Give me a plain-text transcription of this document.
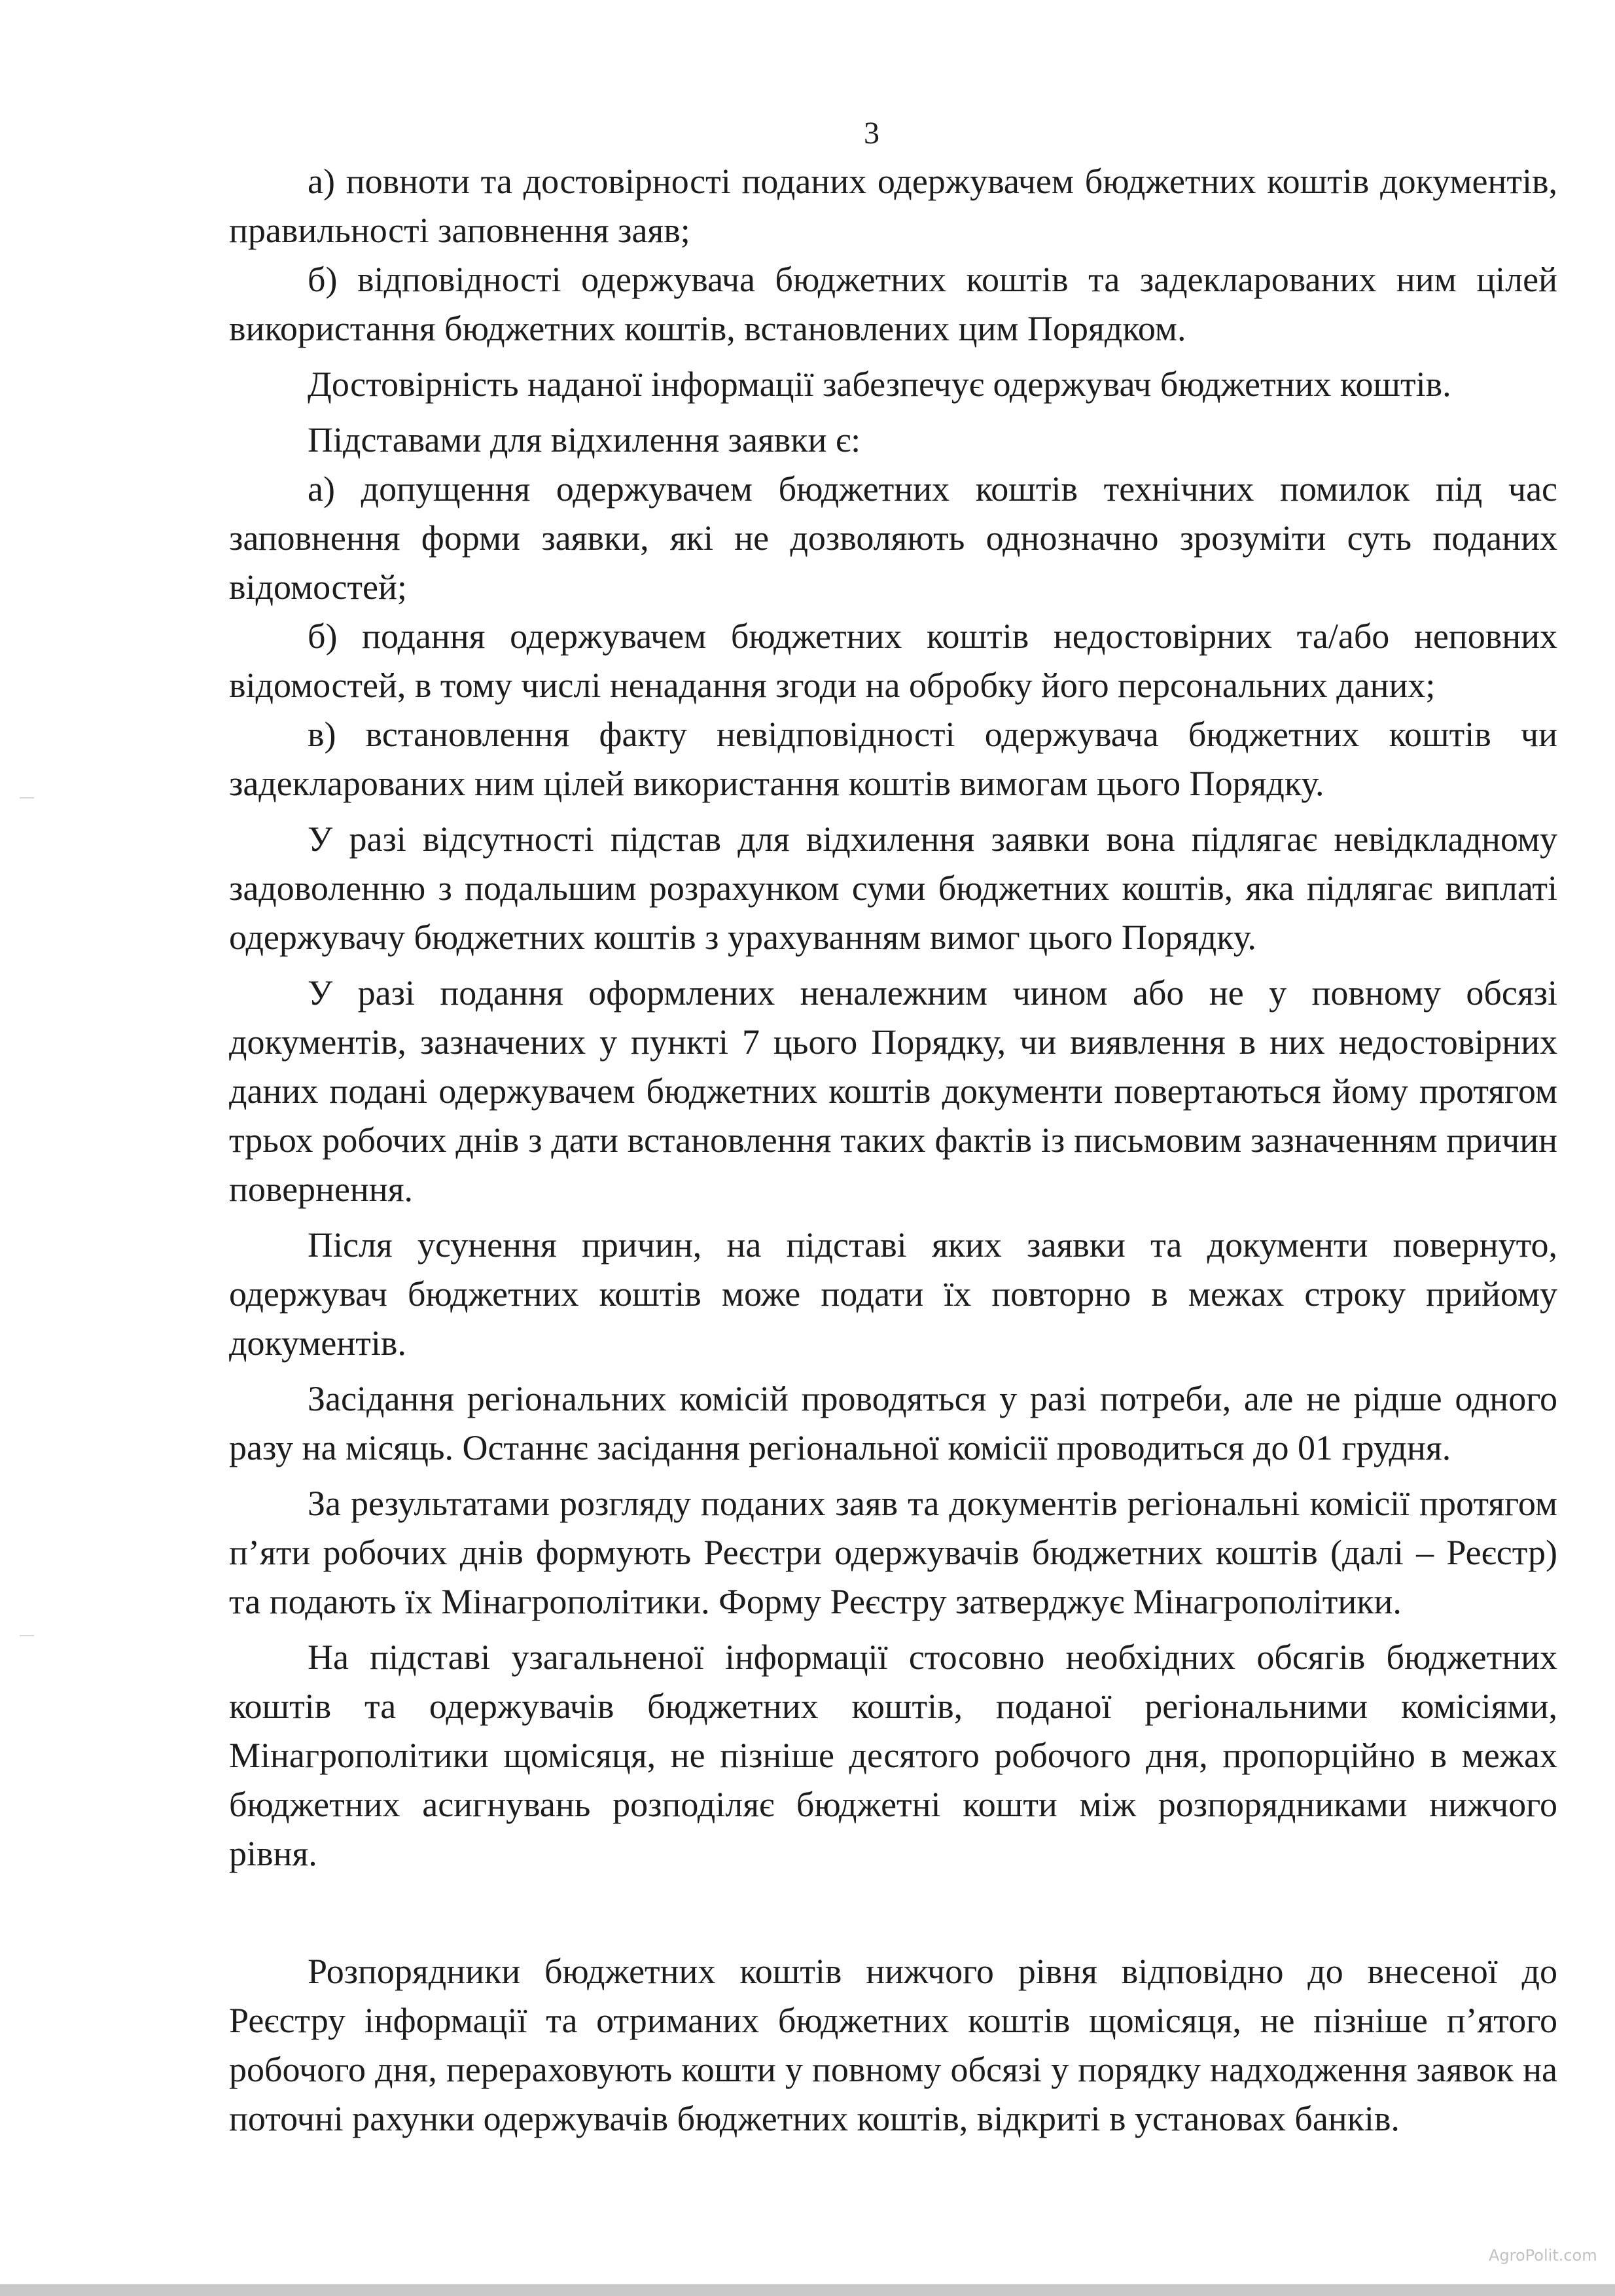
3

а) повноти та достовірності поданих одержувачем бюджетних коштів документів, правильності заповнення заяв;

б) відповідності одержувача бюджетних коштів та задекларованих ним цілей використання бюджетних коштів, встановлених цим Порядком.

Достовірність наданої інформації забезпечує одержувач бюджетних коштів.

Підставами для відхилення заявки є:

а) допущення одержувачем бюджетних коштів технічних помилок під час заповнення форми заявки, які не дозволяють однозначно зрозуміти суть поданих відомостей;

б) подання одержувачем бюджетних коштів недостовірних та/або неповних відомостей, в тому числі ненадання згоди на обробку його персональних даних;

в) встановлення факту невідповідності одержувача бюджетних коштів чи задекларованих ним цілей використання коштів вимогам цього Порядку.

У разі відсутності підстав для відхилення заявки вона підлягає невідкладному задоволенню з подальшим розрахунком суми бюджетних коштів, яка підлягає виплаті одержувачу бюджетних коштів з урахуванням вимог цього Порядку.

У разі подання оформлених неналежним чином або не у повному обсязі документів, зазначених у пункті 7 цього Порядку, чи виявлення в них недостовірних даних подані одержувачем бюджетних коштів документи повертаються йому протягом трьох робочих днів з дати встановлення таких фактів із письмовим зазначенням причин повернення.

Після усунення причин, на підставі яких заявки та документи повернуто, одержувач бюджетних коштів може подати їх повторно в межах строку прийому документів.

Засідання регіональних комісій проводяться у разі потреби, але не рідше одного разу на місяць. Останнє засідання регіональної комісії проводиться до 01 грудня.

За результатами розгляду поданих заяв та документів регіональні комісії протягом п’яти робочих днів формують Реєстри одержувачів бюджетних коштів (далі – Реєстр) та подають їх Мінагрополітики. Форму Реєстру затверджує Мінагрополітики.

На підставі узагальненої інформації стосовно необхідних обсягів бюджетних коштів та одержувачів бюджетних коштів, поданої регіональними комісіями, Мінагрополітики щомісяця, не пізніше десятого робочого дня, пропорційно в межах бюджетних асигнувань розподіляє бюджетні кошти між розпорядниками нижчого рівня.

Розпорядники бюджетних коштів нижчого рівня відповідно до внесеної до Реєстру інформації та отриманих бюджетних коштів щомісяця, не пізніше п’ятого робочого дня, перераховують кошти у повному обсязі у порядку надходження заявок на поточні рахунки одержувачів бюджетних коштів, відкриті в установах банків.

AgroPolit.com
